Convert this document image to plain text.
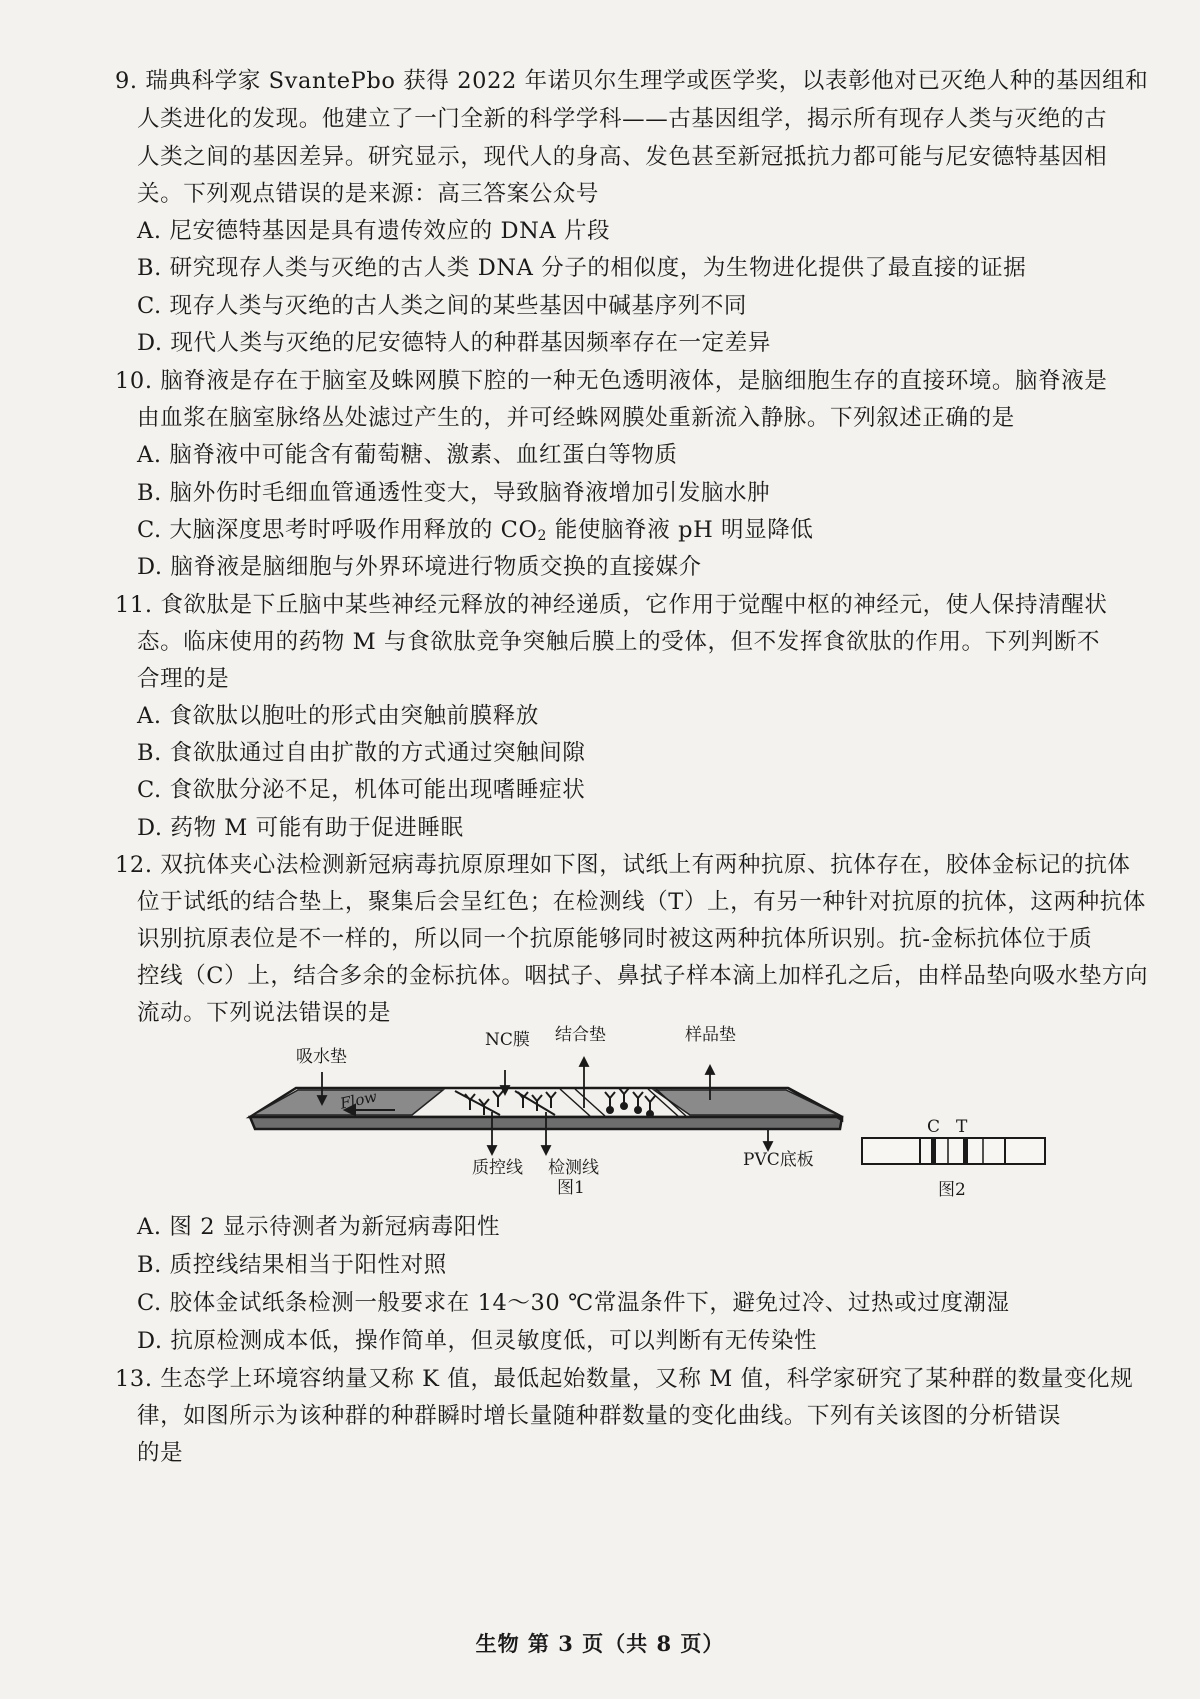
9. 瑞典科学家 SvantePbo 获得 2022 年诺贝尔生理学或医学奖，以表彰他对已灭绝人种的基因组和
人类进化的发现。他建立了一门全新的科学学科——古基因组学，揭示所有现存人类与灭绝的古
人类之间的基因差异。研究显示，现代人的身高、发色甚至新冠抵抗力都可能与尼安德特基因相
关。下列观点错误的是来源：高三答案公众号
A. 尼安德特基因是具有遗传效应的 DNA 片段
B. 研究现存人类与灭绝的古人类 DNA 分子的相似度，为生物进化提供了最直接的证据
C. 现存人类与灭绝的古人类之间的某些基因中碱基序列不同
D. 现代人类与灭绝的尼安德特人的种群基因频率存在一定差异
10. 脑脊液是存在于脑室及蛛网膜下腔的一种无色透明液体，是脑细胞生存的直接环境。脑脊液是
由血浆在脑室脉络丛处滤过产生的，并可经蛛网膜处重新流入静脉。下列叙述正确的是
A. 脑脊液中可能含有葡萄糖、激素、血红蛋白等物质
B. 脑外伤时毛细血管通透性变大，导致脑脊液增加引发脑水肿
C. 大脑深度思考时呼吸作用释放的 $CO_2$ 能使脑脊液 pH 明显降低
D. 脑脊液是脑细胞与外界环境进行物质交换的直接媒介
11. 食欲肽是下丘脑中某些神经元释放的神经递质，它作用于觉醒中枢的神经元，使人保持清醒状
态。临床使用的药物 M 与食欲肽竞争突触后膜上的受体，但不发挥食欲肽的作用。下列判断不
合理的是
A. 食欲肽以胞吐的形式由突触前膜释放
B. 食欲肽通过自由扩散的方式通过突触间隙
C. 食欲肽分泌不足，机体可能出现嗜睡症状
D. 药物 M 可能有助于促进睡眠
12. 双抗体夹心法检测新冠病毒抗原原理如下图，试纸上有两种抗原、抗体存在，胶体金标记的抗体
位于试纸的结合垫上，聚集后会呈红色；在检测线（T）上，有另一种针对抗原的抗体，这两种抗体
识别抗原表位是不一样的，所以同一个抗原能够同时被这两种抗体所识别。抗-金标抗体位于质
控线（C）上，结合多余的金标抗体。咽拭子、鼻拭子样本滴上加样孔之后，由样品垫向吸水垫方向
流动。下列说法错误的是
吸水垫
NC膜 结合垫	样品垫
Flow
质控线 检测线
图1
PVC底板
C T
图2
A. 图 2 显示待测者为新冠病毒阳性
B. 质控线结果相当于阳性对照
C. 胶体金试纸条检测一般要求在 14～30 ℃常温条件下，避免过冷、过热或过度潮湿
D. 抗原检测成本低，操作简单，但灵敏度低，可以判断有无传染性
13. 生态学上环境容纳量又称 K 值，最低起始数量，又称 M 值，科学家研究了某种群的数量变化规
律，如图所示为该种群的种群瞬时增长量随种群数量的变化曲线。下列有关该图的分析错误
的是
生物 第 3 页（共 8 页）
